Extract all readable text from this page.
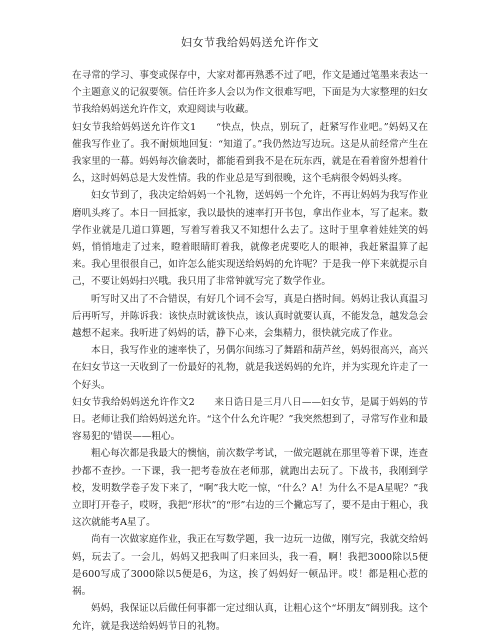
妇女节我给妈妈送允许作文

在寻常的学习、事变或保存中，大家对都再熟悉不过了吧，作文是通过笔墨来表达一个主题意义的记叙要领。信任许多人会以为作文很难写吧，下面是为大家整理的妇女节我给妈妈送允许作文，欢迎阅读与收藏。

妇女节我给妈妈送允许作文1　　“快点，快点，别玩了，赶紧写作业吧。”妈妈又在催我写作业了。我不耐烦地回复：“知道了。”我仍然边写边玩。这是从前经常产生在我家里的一幕。妈妈每次偷袭时，都能看到我不是在玩东西，就是在看着窗外想着什么，这时妈妈总是大发性情。我的作业总是写到很晚，这个毛病很令妈妈头疼。

妇女节到了，我决定给妈妈一个礼物，送妈妈一个允许，不再让妈妈为我写作业磨叽头疼了。本日一回抵家，我以最快的速率打开书包，拿出作业本，写了起来。数学作业就是几道口算题，写着写着我又不知想什么去了。这时于里拿着娃娃笑的妈妈，悄悄地走了过来，瞪着眼睛盯着我，就像老虎要吃人的眼神，我赶紧温算了起来。我心里很很自己，如许怎么能实现送给妈妈的允许呢？于是我一停下来就提示自己，不要让妈妈扫兴哦。我只用了非常钟就写完了数学作业。

听写时又出了不合错误，有好几个词不会写，真是白搭时间。妈妈让我认真温习后再听写，并陈诉我：该快点时就该快点，该认真时就要认真，不能发急，越发急会越想不起来。我听进了妈妈的话，静下心来，会集精力，很快就完成了作业。

本日，我写作业的速率快了，另偶尔间练习了舞蹈和葫芦丝，妈妈很高兴，高兴在妇女节这一天收到了一份最好的礼物，就是我送妈妈的允许，并为实现允许走了一个好头。

妇女节我给妈妈送允许作文2　　来日诰日是三月八日——妇女节，是属于妈妈的节日。老师让我们给妈妈送允许。“这个什么允许呢？”我突然想到了，寻常写作业和最容易犯的'错误——粗心。

粗心每次都是我最大的懊恼，前次数学考试，一做完题就在那里等着下课，连查抄都不查抄。一下课，我一把考卷放在老师那，就跑出去玩了。下战书，我刚到学校，发明数学卷子发下来了，“啊”我大吃一惊，“什么？A！为什么不是A星呢？”我立即打开卷子，哎呀，我把“形状”的“形”右边的三个撇忘写了，要不是由于粗心，我这次就能考A星了。

尚有一次做家庭作业，我正在写数学题，我一边玩一边做，刚写完，我就交给妈妈，玩去了。一会儿，妈妈又把我叫了归来回头，我一看，啊！我把3000除以5便是600写成了3000除以5便是6，为这，挨了妈妈好一顿品评。哎！都是粗心惹的祸。

妈妈，我保证以后做任何事都一定过细认真，让粗心这个“坏朋友”阔别我。这个允许，就是我送给妈妈节日的礼物。
